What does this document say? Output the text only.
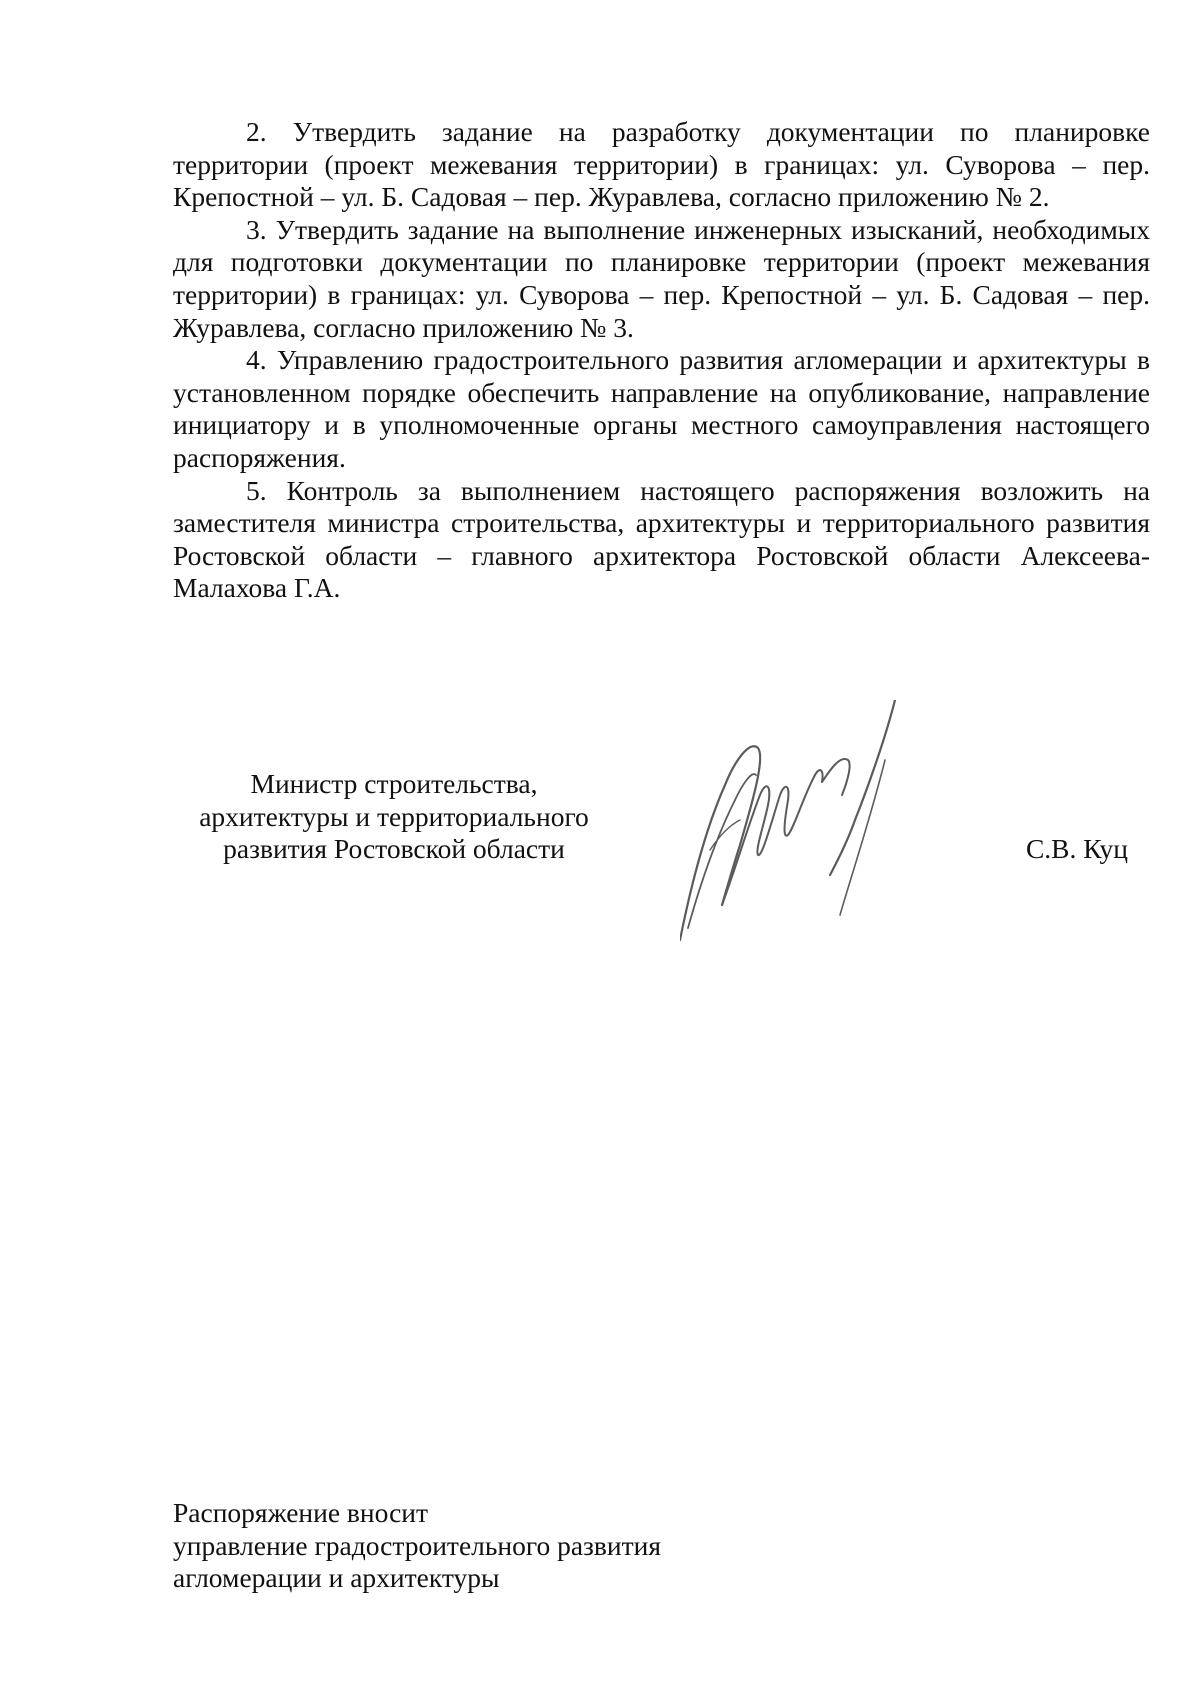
2. Утвердить задание на разработку документации по планировке территории (проект межевания территории) в границах: ул. Суворова – пер. Крепостной – ул. Б. Садовая – пер. Журавлева, согласно приложению № 2.

3. Утвердить задание на выполнение инженерных изысканий, необходимых для подготовки документации по планировке территории (проект межевания территории) в границах: ул. Суворова – пер. Крепостной – ул. Б. Садовая – пер. Журавлева, согласно приложению № 3.

4. Управлению градостроительного развития агломерации и архитектуры в установленном порядке обеспечить направление на опубликование, направление инициатору и в уполномоченные органы местного самоуправления настоящего распоряжения.

5. Контроль за выполнением настоящего распоряжения возложить на заместителя министра строительства, архитектуры и территориального развития Ростовской области – главного архитектора Ростовской области Алексеева-Малахова Г.А.

Министр строительства,
архитектуры и территориального
развития Ростовской области	С.В. Куц
Распоряжение вносит
управление градостроительного развития
агломерации и архитектуры
